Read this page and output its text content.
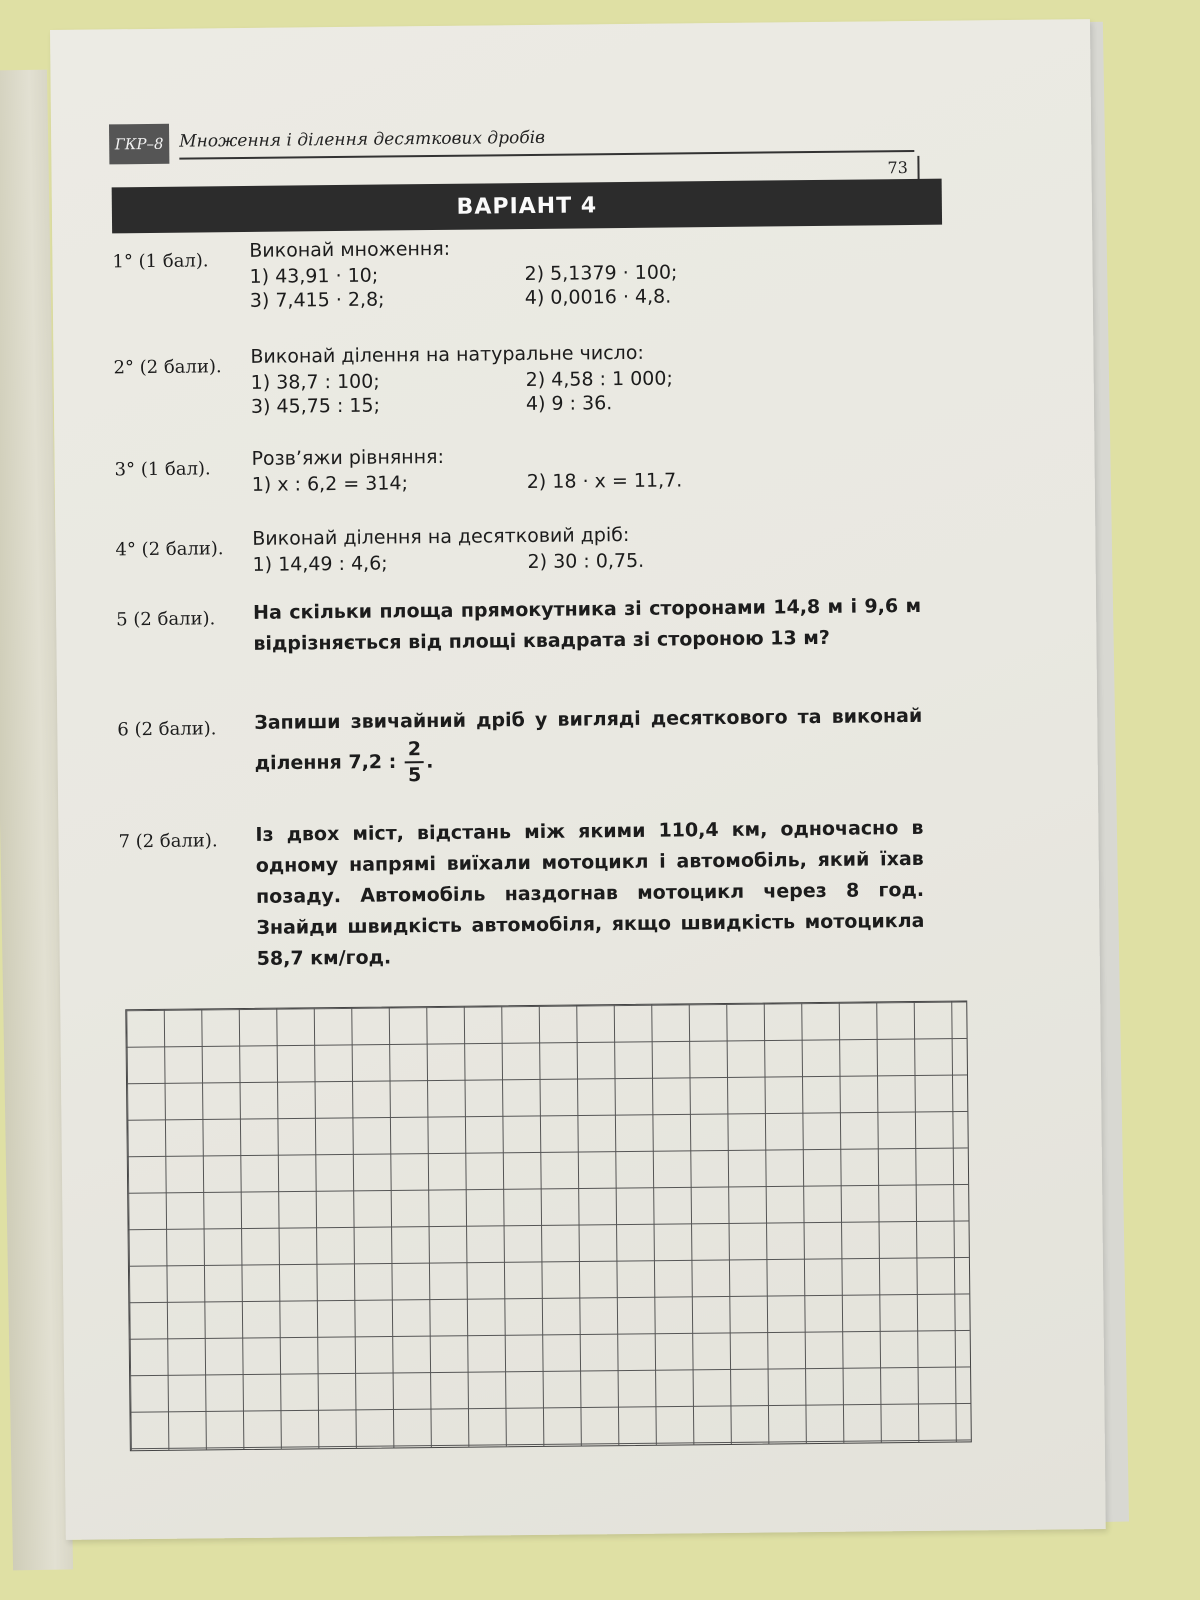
ГКР–8 Множення і ділення десяткових дробів
73
ВАРІАНТ 4
1° (1 бал). Виконай множення:
1) 43,91 · 10;	2) 5,1379 · 100;
3) 7,415 · 2,8;	4) 0,0016 · 4,8.
2° (2 бали). Виконай ділення на натуральне число:
1) 38,7 : 100;	2) 4,58 : 1 000;
3) 45,75 : 15;	4) 9 : 36.
3° (1 бал). Розв’яжи рівняння:
1) x : 6,2 = 314;	2) 18 · x = 11,7.
4° (2 бали). Виконай ділення на десятковий дріб:
1) 14,49 : 4,6;	2) 30 : 0,75.
5 (2 бали). На скільки площа прямокутника зі сторонами 14,8 м і 9,6 м відрізняється від площі квадрата зі стороною 13 м?
6 (2 бали). Запиши звичайний дріб у вигляді десяткового та виконай ділення 7,2 : $\frac{2}{5}$ .
7 (2 бали). Із двох міст, відстань між якими 110,4 км, одночасно в одному напрямі виїхали мотоцикл і автомобіль, який їхав позаду. Автомобіль наздогнав мотоцикл через 8 год. Знайди швидкість автомобіля, якщо швидкість мотоцикла 58,7 км/год.
